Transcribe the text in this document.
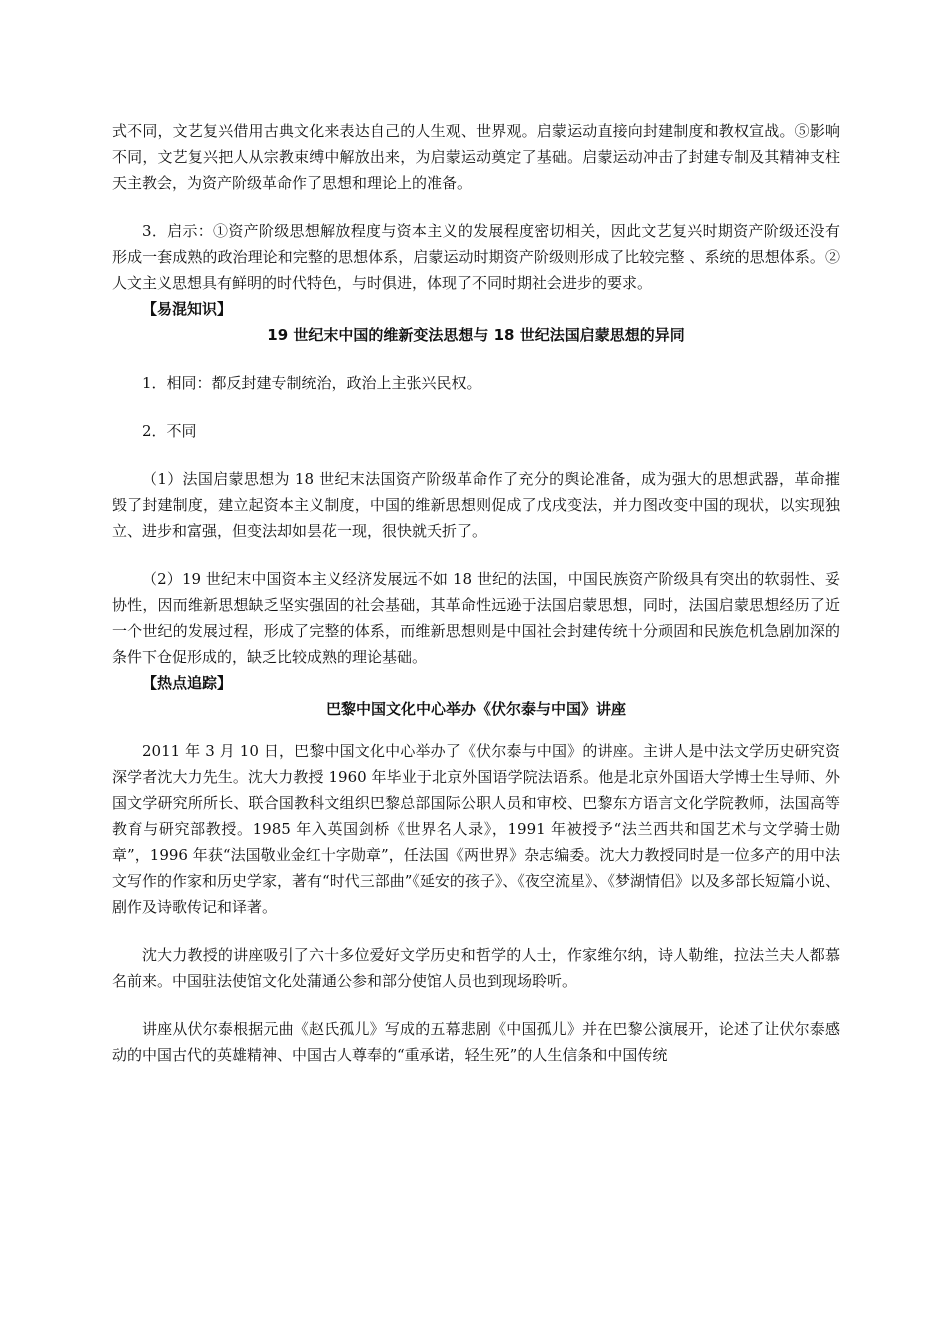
式不同，文艺复兴借用古典文化来表达自己的人生观、世界观。启蒙运动直接向封建制度和教权宣战。⑤影响不同，文艺复兴把人从宗教束缚中解放出来，为启蒙运动奠定了基础。启蒙运动冲击了封建专制及其精神支柱天主教会，为资产阶级革命作了思想和理论上的准备。

3．启示：①资产阶级思想解放程度与资本主义的发展程度密切相关，因此文艺复兴时期资产阶级还没有形成一套成熟的政治理论和完整的思想体系，启蒙运动时期资产阶级则形成了比较完整 、系统的思想体系。②人文主义思想具有鲜明的时代特色，与时俱进，体现了不同时期社会进步的要求。

【易混知识】

19 世纪末中国的维新变法思想与 18 世纪法国启蒙思想的异同

1．相同：都反封建专制统治，政治上主张兴民权。

2．不同

（1）法国启蒙思想为 18 世纪末法国资产阶级革命作了充分的舆论准备，成为强大的思想武器，革命摧毁了封建制度，建立起资本主义制度，中国的维新思想则促成了戊戌变法，并力图改变中国的现状，以实现独立、进步和富强，但变法却如昙花一现，很快就夭折了。

（2）19 世纪末中国资本主义经济发展远不如 18 世纪的法国，中国民族资产阶级具有突出的软弱性、妥协性，因而维新思想缺乏坚实强固的社会基础，其革命性远逊于法国启蒙思想，同时，法国启蒙思想经历了近一个世纪的发展过程，形成了完整的体系，而维新思想则是中国社会封建传统十分顽固和民族危机急剧加深的条件下仓促形成的，缺乏比较成熟的理论基础。

【热点追踪】

巴黎中国文化中心举办《伏尔泰与中国》讲座

2011 年 3 月 10 日，巴黎中国文化中心举办了《伏尔泰与中国》的讲座。主讲人是中法文学历史研究资深学者沈大力先生。沈大力教授 1960 年毕业于北京外国语学院法语系。他是北京外国语大学博士生导师、外国文学研究所所长、联合国教科文组织巴黎总部国际公职人员和审校、巴黎东方语言文化学院教师，法国高等教育与研究部教授。1985 年入英国剑桥《世界名人录》，1991 年被授予“法兰西共和国艺术与文学骑士勋章”，1996 年获“法国敬业金红十字勋章”，任法国《两世界》杂志编委。沈大力教授同时是一位多产的用中法文写作的作家和历史学家，著有“时代三部曲”《延安的孩子》、《夜空流星》、《梦湖情侣》以及多部长短篇小说、剧作及诗歌传记和译著。

沈大力教授的讲座吸引了六十多位爱好文学历史和哲学的人士，作家维尔纳，诗人勒维，拉法兰夫人都慕名前来。中国驻法使馆文化处蒲通公参和部分使馆人员也到现场聆听。

讲座从伏尔泰根据元曲《赵氏孤儿》写成的五幕悲剧《中国孤儿》并在巴黎公演展开，论述了让伏尔泰感动的中国古代的英雄精神、中国古人尊奉的“重承诺，轻生死”的人生信条和中国传统
